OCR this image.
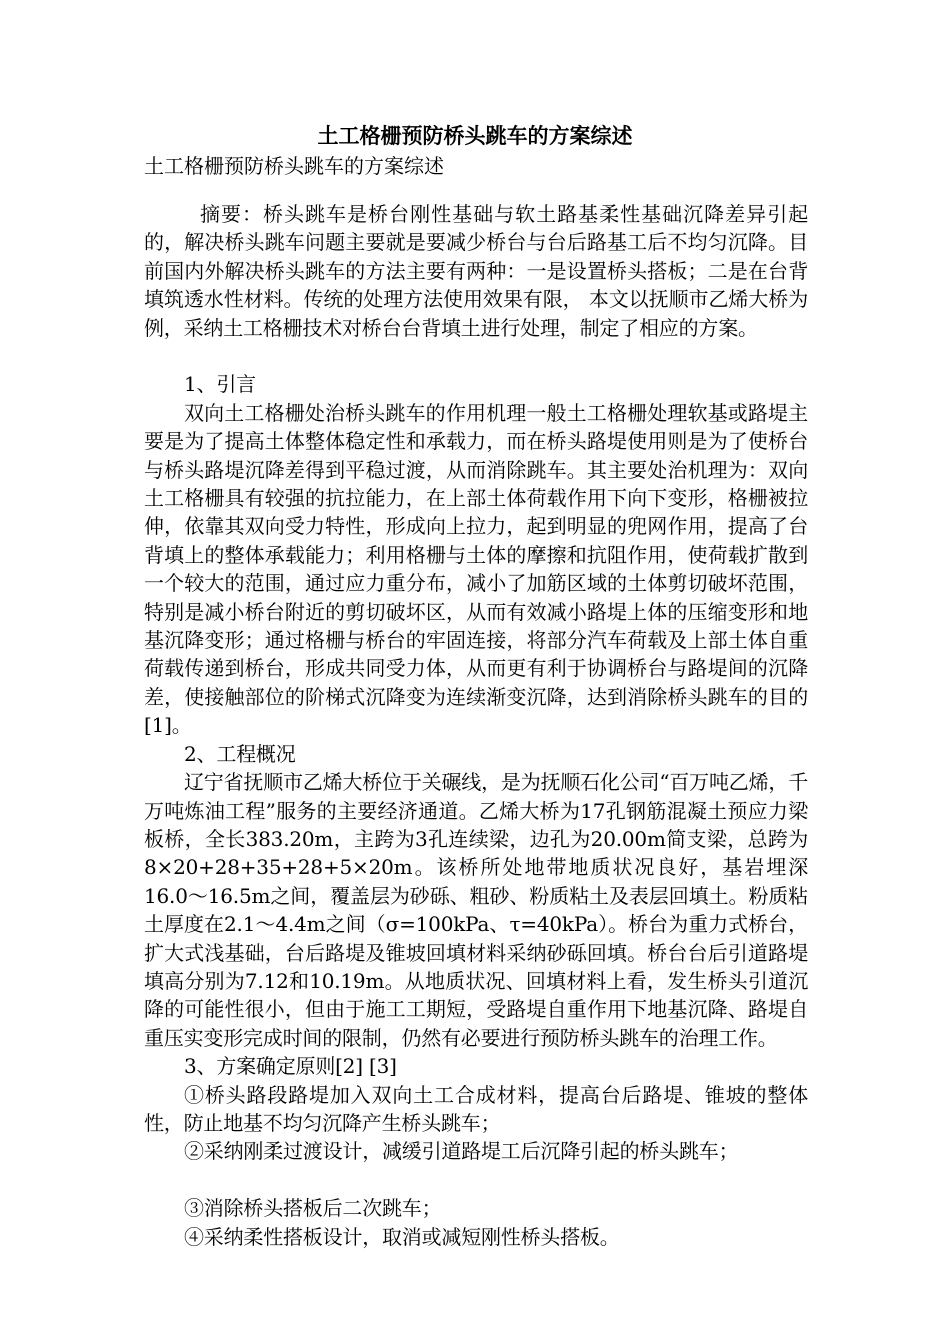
土工格栅预防桥头跳车的方案综述
土工格栅预防桥头跳车的方案综述

摘要：桥头跳车是桥台刚性基础与软土路基柔性基础沉降差异引起的，解决桥头跳车问题主要就是要减少桥台与台后路基工后不均匀沉降。目前国内外解决桥头跳车的方法主要有两种：一是设置桥头搭板；二是在台背填筑透水性材料。传统的处理方法使用效果有限， 本文以抚顺市乙烯大桥为例，采纳土工格栅技术对桥台台背填土进行处理，制定了相应的方案。

1、引言

双向土工格栅处治桥头跳车的作用机理一般土工格栅处理软基或路堤主要是为了提高土体整体稳定性和承载力，而在桥头路堤使用则是为了使桥台与桥头路堤沉降差得到平稳过渡，从而消除跳车。其主要处治机理为：双向土工格栅具有较强的抗拉能力，在上部土体荷载作用下向下变形，格栅被拉伸，依靠其双向受力特性，形成向上拉力，起到明显的兜网作用，提高了台背填上的整体承载能力；利用格栅与土体的摩擦和抗阻作用，使荷载扩散到一个较大的范围，通过应力重分布，减小了加筋区域的土体剪切破坏范围，特别是减小桥台附近的剪切破坏区，从而有效减小路堤上体的压缩变形和地基沉降变形；通过格栅与桥台的牢固连接，将部分汽车荷载及上部土体自重荷载传递到桥台，形成共同受力体，从而更有利于协调桥台与路堤间的沉降差，使接触部位的阶梯式沉降变为连续渐变沉降，达到消除桥头跳车的目的[1]。

2、工程概况

辽宁省抚顺市乙烯大桥位于关碾线，是为抚顺石化公司“百万吨乙烯，千万吨炼油工程”服务的主要经济通道。乙烯大桥为17孔钢筋混凝土预应力梁板桥，全长383.20m，主跨为3孔连续梁，边孔为20.00m简支梁，总跨为8×20+28+35+28+5×20m。该桥所处地带地质状况良好，基岩埋深16.0～16.5m之间，覆盖层为砂砾、粗砂、粉质粘土及表层回填土。粉质粘土厚度在2.1～4.4m之间（σ=100kPa、τ=40kPa）。桥台为重力式桥台，扩大式浅基础，台后路堤及锥坡回填材料采纳砂砾回填。桥台台后引道路堤填高分别为7.12和10.19m。从地质状况、回填材料上看，发生桥头引道沉降的可能性很小，但由于施工工期短，受路堤自重作用下地基沉降、路堤自重压实变形完成时间的限制，仍然有必要进行预防桥头跳车的治理工作。

3、方案确定原则[2] [3]

①桥头路段路堤加入双向土工合成材料，提高台后路堤、锥坡的整体性，防止地基不均匀沉降产生桥头跳车；

②采纳刚柔过渡设计，减缓引道路堤工后沉降引起的桥头跳车；

③消除桥头搭板后二次跳车；

④采纳柔性搭板设计，取消或减短刚性桥头搭板。
